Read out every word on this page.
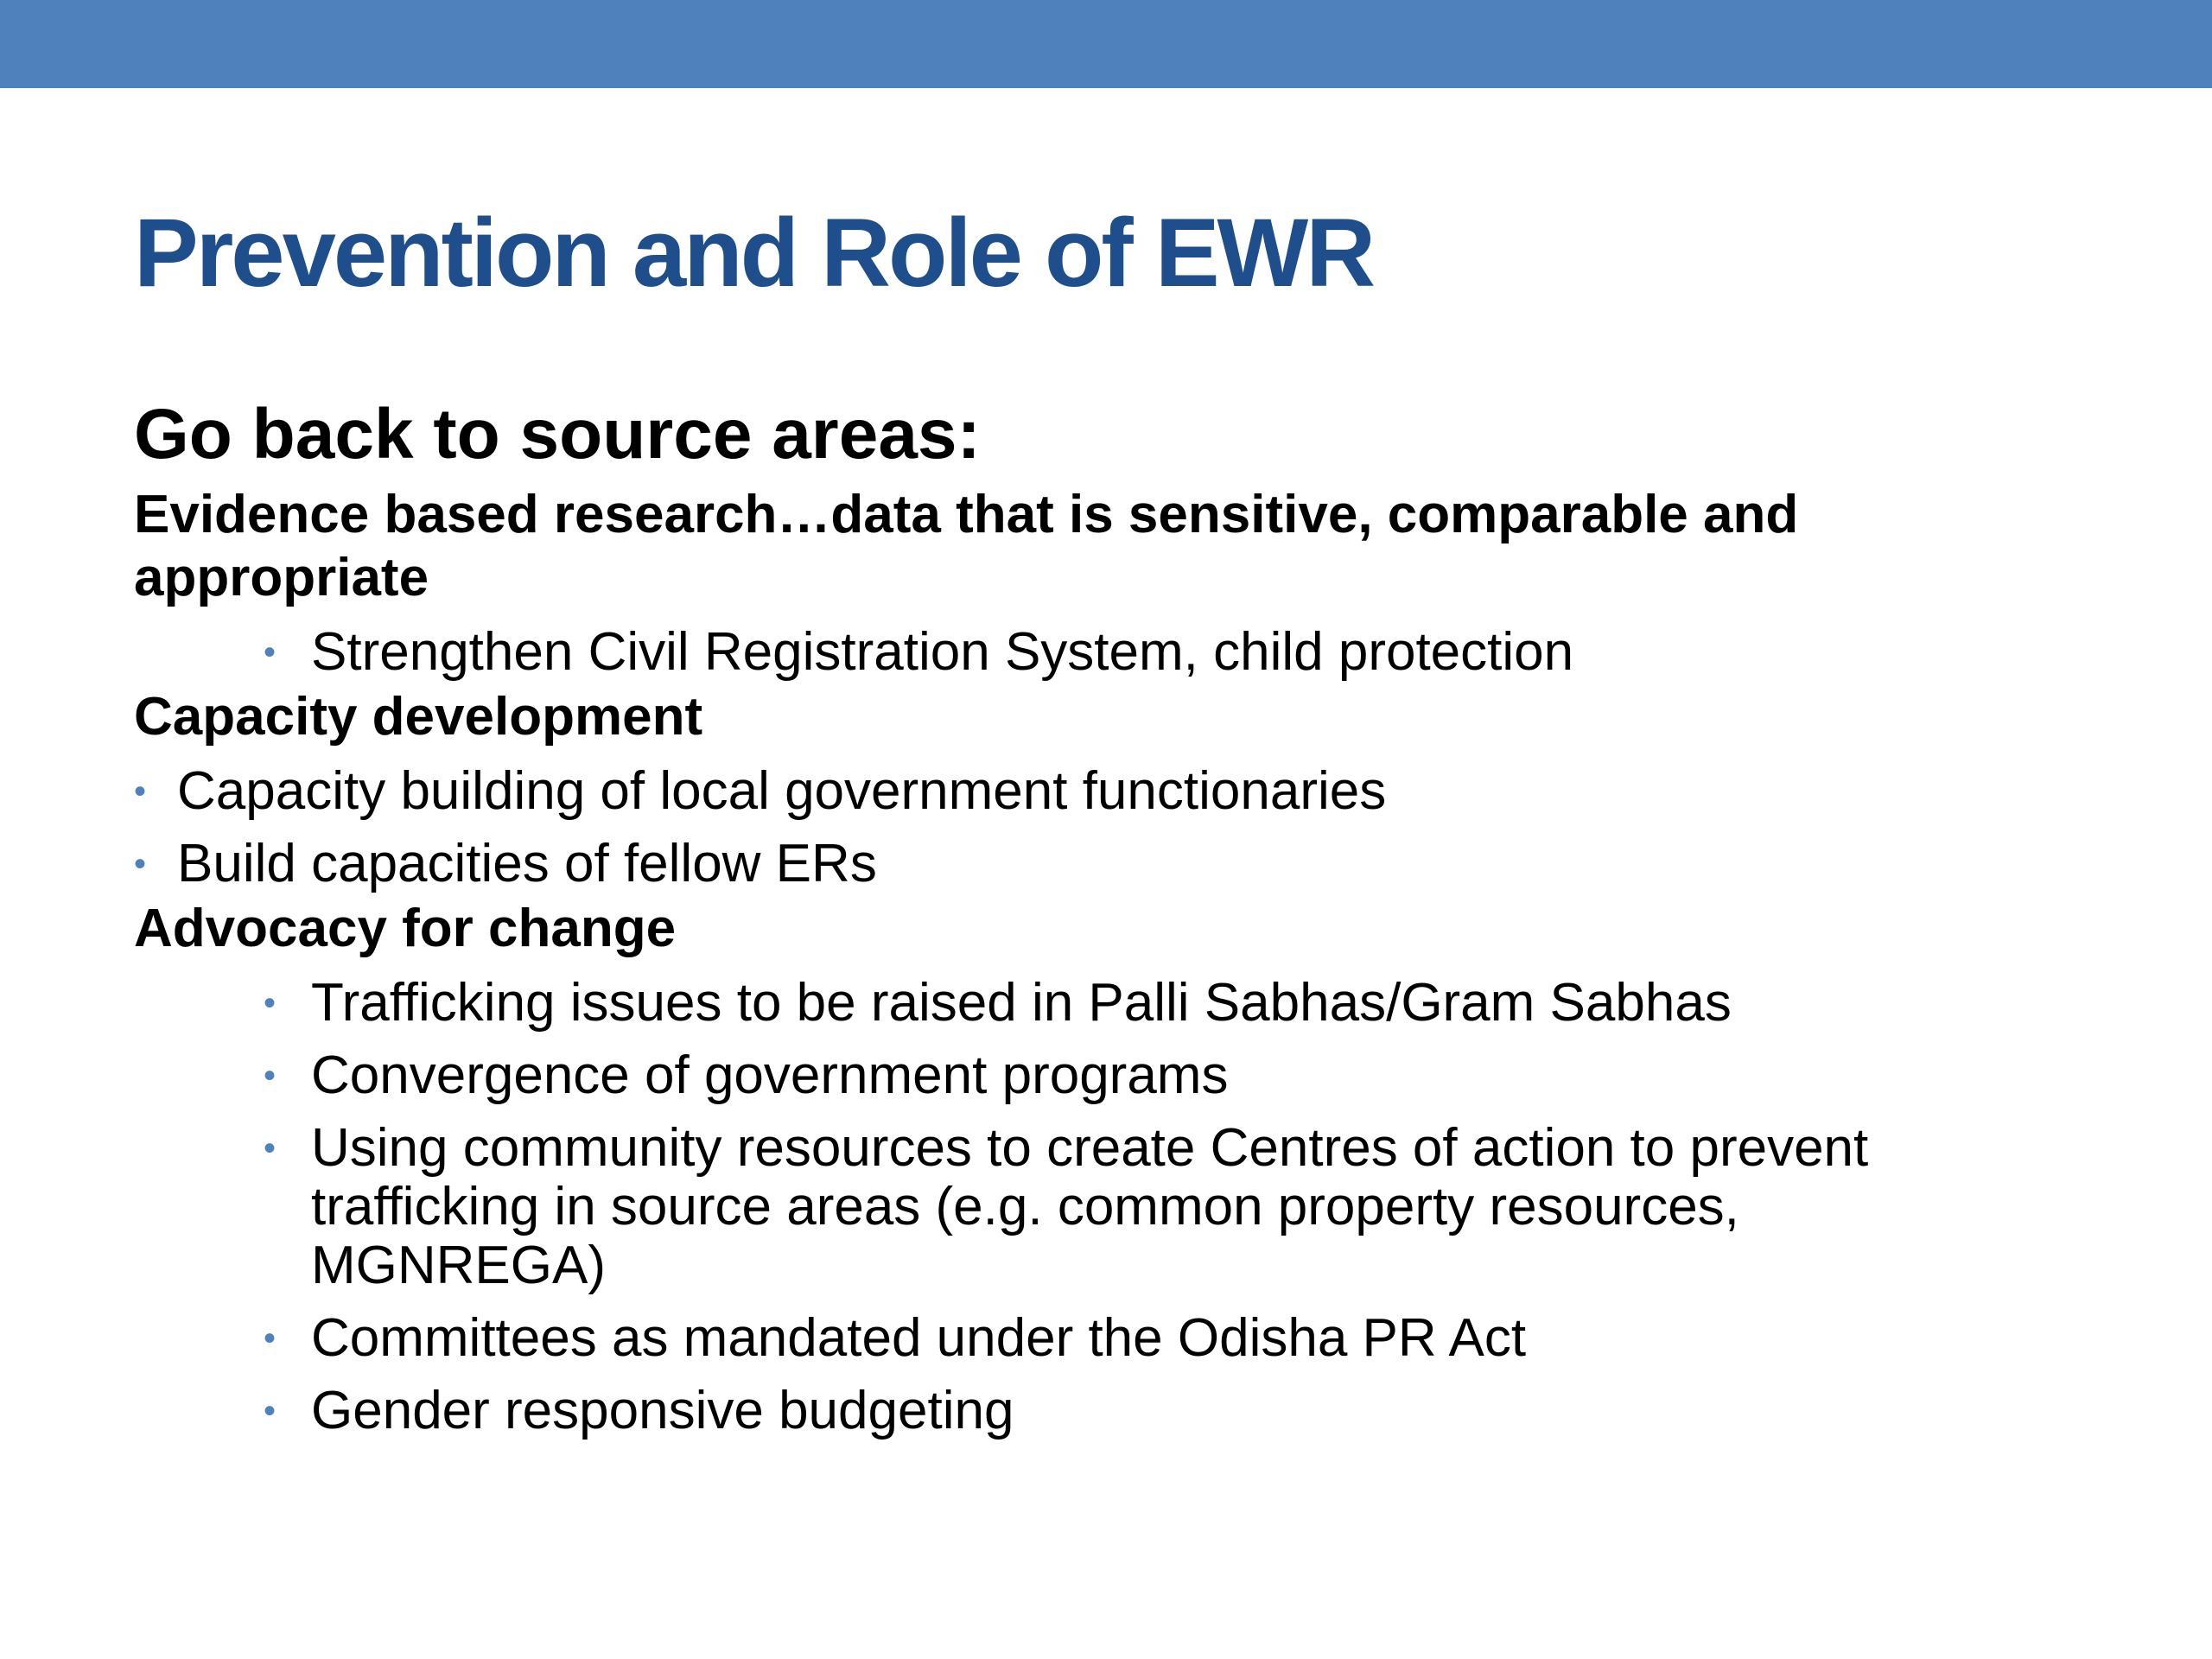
Prevention and Role of EWR

Go back to source areas:

Evidence based research…data that is sensitive, comparable and appropriate

• Strengthen Civil Registration System, child protection

Capacity development

• Capacity building of local government functionaries
• Build capacities of fellow ERs

Advocacy for change

• Trafficking issues to be raised in Palli Sabhas/Gram Sabhas
• Convergence of government programs
• Using community resources to create Centres of action to prevent trafficking in source areas (e.g. common property resources, MGNREGA)
• Committees as mandated under the Odisha PR Act
• Gender responsive budgeting
